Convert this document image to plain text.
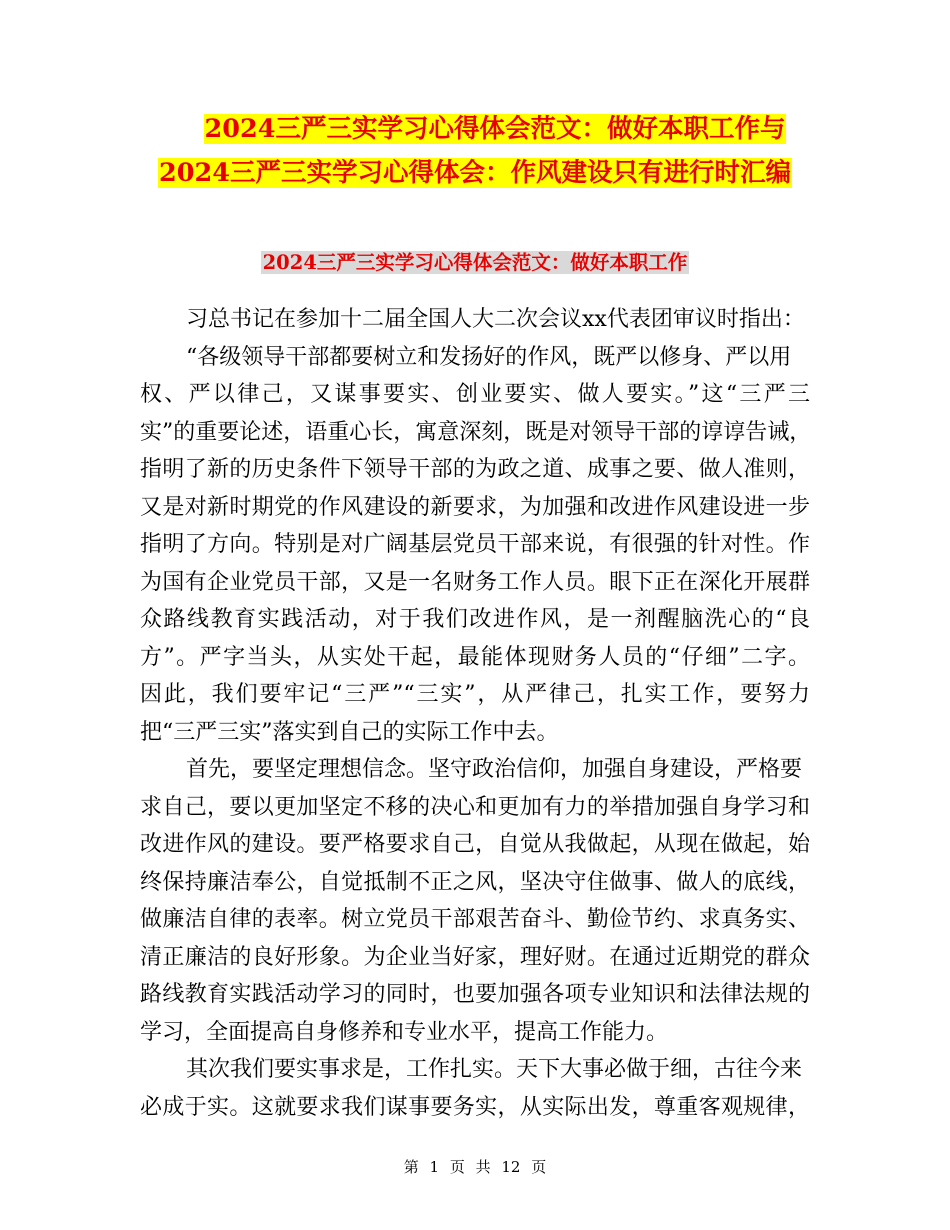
2024三严三实学习心得体会范文：做好本职工作与
2024三严三实学习心得体会：作风建设只有进行时汇编
2024三严三实学习心得体会范文：做好本职工作
习总书记在参加十二届全国人大二次会议xx代表团审议时指出：
“各级领导干部都要树立和发扬好的作风，既严以修身、严以用
权、严以律己，又谋事要实、创业要实、做人要实。”这“三严三
实”的重要论述，语重心长，寓意深刻，既是对领导干部的谆谆告诫，
指明了新的历史条件下领导干部的为政之道、成事之要、做人准则，
又是对新时期党的作风建设的新要求，为加强和改进作风建设进一步
指明了方向。特别是对广阔基层党员干部来说，有很强的针对性。作
为国有企业党员干部，又是一名财务工作人员。眼下正在深化开展群
众路线教育实践活动，对于我们改进作风，是一剂醒脑洗心的“良
方”。严字当头，从实处干起，最能体现财务人员的“仔细”二字。
因此，我们要牢记“三严”“三实”，从严律己，扎实工作，要努力
把“三严三实”落实到自己的实际工作中去。
首先，要坚定理想信念。坚守政治信仰，加强自身建设，严格要
求自己，要以更加坚定不移的决心和更加有力的举措加强自身学习和
改进作风的建设。要严格要求自己，自觉从我做起，从现在做起，始
终保持廉洁奉公，自觉抵制不正之风，坚决守住做事、做人的底线，
做廉洁自律的表率。树立党员干部艰苦奋斗、勤俭节约、求真务实、
清正廉洁的良好形象。为企业当好家，理好财。在通过近期党的群众
路线教育实践活动学习的同时，也要加强各项专业知识和法律法规的
学习，全面提高自身修养和专业水平，提高工作能力。
其次我们要实事求是，工作扎实。天下大事必做于细，古往今来
必成于实。这就要求我们谋事要务实，从实际出发，尊重客观规律，
第 1 页 共 12 页
